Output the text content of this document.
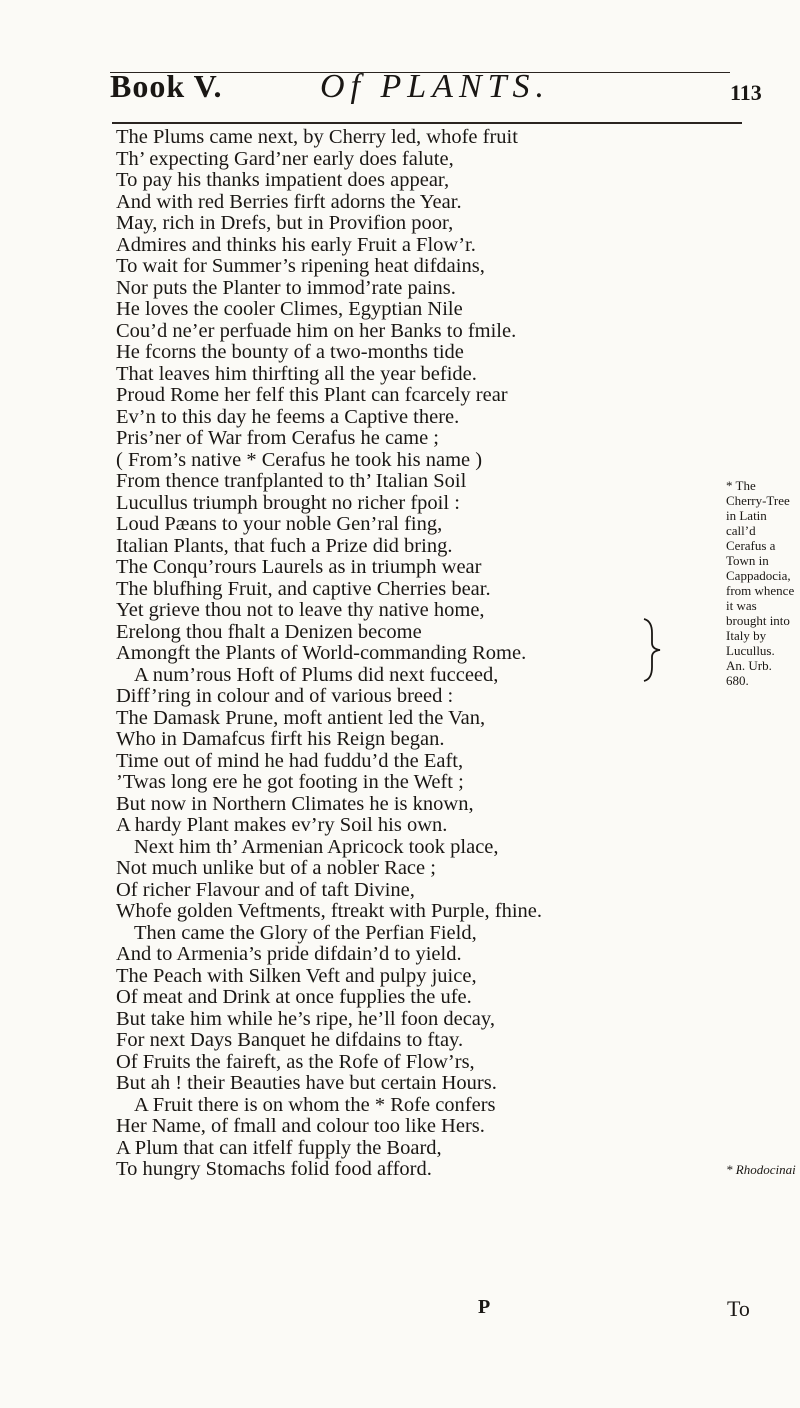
Book V.	Of PLANTS.	113
The Plums came next, by Cherry led, whofe fruit
Th’ expecting Gard’ner early does falute,
To pay his thanks impatient does appear,
And with red Berries firft adorns the Year.
May, rich in Drefs, but in Provifion poor,
Admires and thinks his early Fruit a Flow’r.
To wait for Summer’s ripening heat difdains,
Nor puts the Planter to immod’rate pains.
He loves the cooler Climes, Egyptian Nile
Cou’d ne’er perfuade him on her Banks to fmile.
He fcorns the bounty of a two-months tide
That leaves him thirfting all the year befide.
Proud Rome her felf this Plant can fcarcely rear
Ev’n to this day he feems a Captive there.
Pris’ner of War from Cerafus he came ;
( From’s native * Cerafus he took his name )
From thence tranfplanted to th’ Italian Soil
Lucullus triumph brought no richer fpoil :
Loud Pæans to your noble Gen’ral fing,
Italian Plants, that fuch a Prize did bring.
The Conqu’rours Laurels as in triumph wear
The blufhing Fruit, and captive Cherries bear.
Yet grieve thou not to leave thy native home,
Erelong thou fhalt a Denizen become
Amongft the Plants of World-commanding Rome.
A num’rous Hoft of Plums did next fucceed,
Diff’ring in colour and of various breed :
The Damask Prune, moft antient led the Van,
Who in Damafcus firft his Reign began.
Time out of mind he had fuddu’d the Eaft,
’Twas long ere he got footing in the Weft ;
But now in Northern Climates he is known,
A hardy Plant makes ev’ry Soil his own.
Next him th’ Armenian Apricock took place,
Not much unlike but of a nobler Race ;
Of richer Flavour and of taft Divine,
Whofe golden Veftments, ftreakt with Purple, fhine.
Then came the Glory of the Perfian Field,
And to Armenia’s pride difdain’d to yield.
The Peach with Silken Veft and pulpy juice,
Of meat and Drink at once fupplies the ufe.
But take him while he’s ripe, he’ll foon decay,
For next Days Banquet he difdains to ftay.
Of Fruits the faireft, as the Rofe of Flow’rs,
But ah ! their Beauties have but certain Hours.
A Fruit there is on whom the * Rofe confers
Her Name, of fmall and colour too like Hers.
A Plum that can itfelf fupply the Board,
To hungry Stomachs folid food afford.
* The Cherry-Tree in Latin call’d Cerafus a Town in Cappadocia, from whence it was brought into Italy by Lucullus. An. Urb. 680.
* Rhodocinai
P	To
